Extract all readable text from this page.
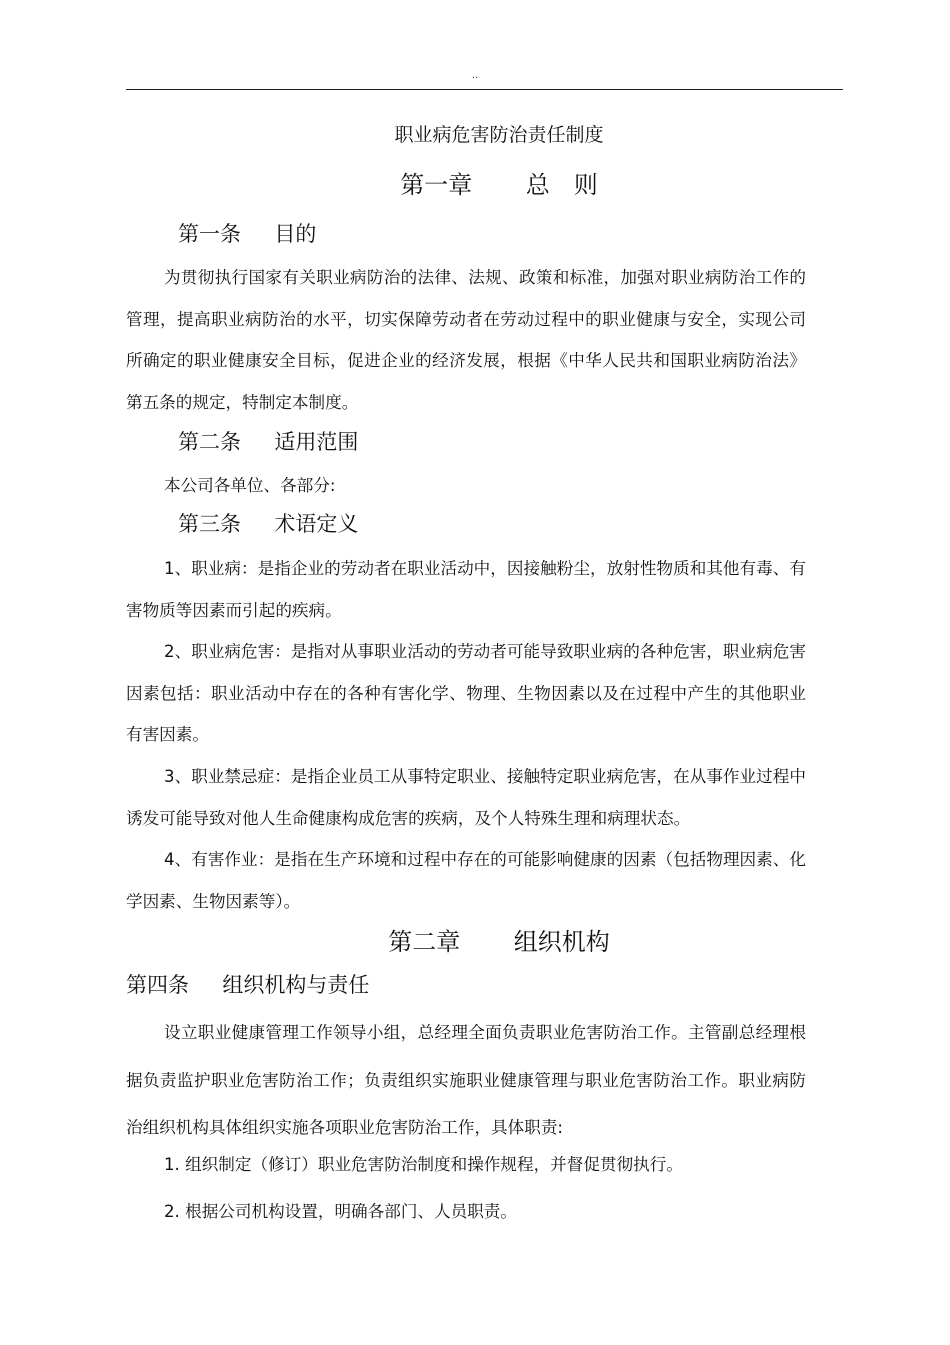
..
职业病危害防治责任制度
第一章 总　则
第一条 目的
为贯彻执行国家有关职业病防治的法律、法规、政策和标准，加强对职业病防治工作的管理，提高职业病防治的水平，切实保障劳动者在劳动过程中的职业健康与安全，实现公司所确定的职业健康安全目标，促进企业的经济发展，根据《中华人民共和国职业病防治法》第五条的规定，特制定本制度。
第二条 适用范围
本公司各单位、各部分:
第三条 术语定义
1、职业病：是指企业的劳动者在职业活动中，因接触粉尘，放射性物质和其他有毒、有害物质等因素而引起的疾病。
2、职业病危害：是指对从事职业活动的劳动者可能导致职业病的各种危害，职业病危害因素包括：职业活动中存在的各种有害化学、物理、生物因素以及在过程中产生的其他职业有害因素。
3、职业禁忌症：是指企业员工从事特定职业、接触特定职业病危害，在从事作业过程中诱发可能导致对他人生命健康构成危害的疾病，及个人特殊生理和病理状态。
4、有害作业：是指在生产环境和过程中存在的可能影响健康的因素（包括物理因素、化学因素、生物因素等）。
第二章 组织机构
第四条 组织机构与责任
设立职业健康管理工作领导小组，总经理全面负责职业危害防治工作。主管副总经理根据负责监护职业危害防治工作；负责组织实施职业健康管理与职业危害防治工作。职业病防治组织机构具体组织实施各项职业危害防治工作，具体职责:
1. 组织制定（修订）职业危害防治制度和操作规程，并督促贯彻执行。
2. 根据公司机构设置，明确各部门、人员职责。
